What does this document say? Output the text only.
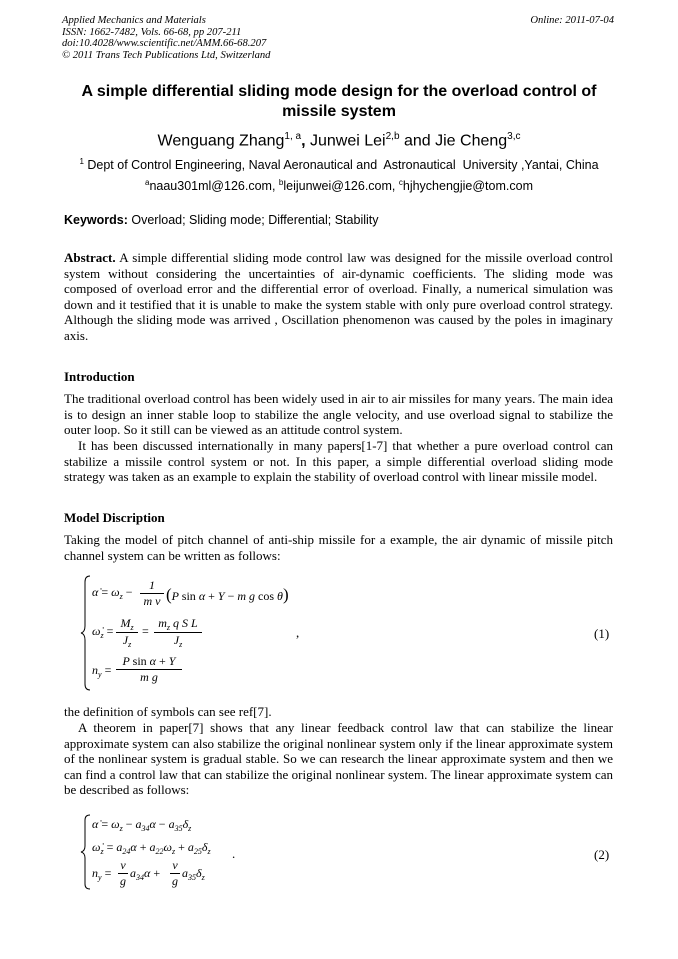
Applied Mechanics and Materials
ISSN: 1662-7482, Vols. 66-68, pp 207-211
doi:10.4028/www.scientific.net/AMM.66-68.207
© 2011 Trans Tech Publications Ltd, Switzerland
Online: 2011-07-04
A simple differential sliding mode design for the overload control of
missile system
Wenguang Zhang$^{1, a}$, Junwei Lei$^{2,b}$ and Jie Cheng$^{3,c}$
$^1$ Dept of Control Engineering, Naval Aeronautical and  Astronautical  University ,Yantai, China
$^a$naau301ml@126.com, $^b$leijunwei@126.com, $^c$hjhychengjie@tom.com
Keywords: Overload; Sliding mode; Differential; Stability
Abstract. A simple differential sliding mode control law was designed for the missile overload control system without considering the uncertainties of air-dynamic coefficients. The sliding mode was composed of overload error and the differential error of overload. Finally, a numerical simulation was down and it testified that it is unable to make the system stable with only pure overload control strategy. Although the sliding mode was arrived , Oscillation phenomenon was caused by the poles in imaginary axis.
Introduction
The traditional overload control has been widely used in air to air missiles for many years. The main idea is to design an inner stable loop to stabilize the angle velocity, and use overload signal to stabilize the outer loop. So it still can be viewed as an attitude control system.
It has been discussed internationally in many papers[1-7] that whether a pure overload control can stabilize a missile control system or not. In this paper, a simple differential overload sliding mode strategy was taken as an example to explain the stability of overload control with linear missile model.
Model Discription
Taking the model of pitch channel of anti-ship missile for a example, the air dynamic of missile pitch channel system can be written as follows:
α̇ = $\omega_z - \frac{1}{\text{m v}} (P$ sin α + Y − m g cos θ)
$\omegȧ_z = \frac{M_z}{J_z} = \frac{m_z q S L}{J_z}$
$n_y = \frac{\text{P sin α + Y}}{\text{m g}}$
,	(1)
the definition of symbols can see ref[7].
A theorem in paper[7] shows that any linear feedback control law that can stabilize the linear approximate system can also stabilize the original nonlinear system only if the linear approximate system of the nonlinear system is gradual stable. So we can research the linear approximate system and then we can find a control law that can stabilize the original nonlinear system. The linear approximate system can be described as follows:
α̇ = $\omega_z - a_{34}\alpha - a_{35}\delta_z$
$\omegȧ_z = a_{24}\alpha + a_{22}\omega_z + a_{25}\delta_z$
$n_y = \frac{v}{g} a_{34}\alpha + \frac{v}{g} a_{35}\delta_z$
.	(2)
